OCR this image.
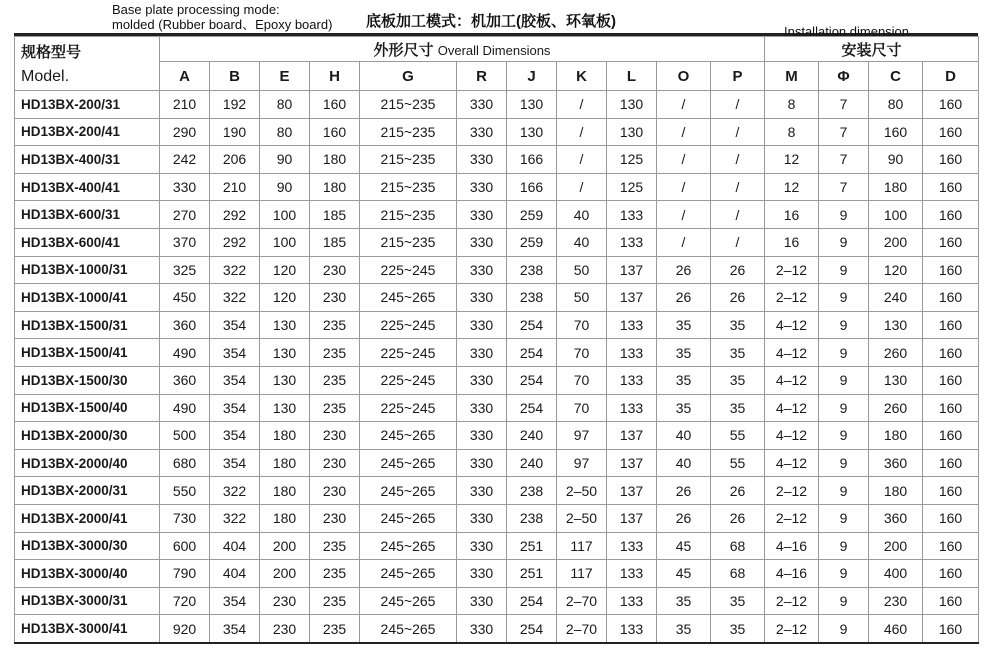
Base plate processing mode:
molded (Rubber board、Epoxy board) 底板加工模式：机加工(胶板、环氧板)
Installation dimension
规格型号
Model.	外形尺寸 Overall Dimensions											安装尺寸			
	A	B	E	H	G	R	J	K	L	O	P	M	Φ	C	D
HD13BX-200/31	210	192	80	160	215~235	330	130	/	130	/	/	8	7	80	160
HD13BX-200/41	290	190	80	160	215~235	330	130	/	130	/	/	8	7	160	160
HD13BX-400/31	242	206	90	180	215~235	330	166	/	125	/	/	12	7	90	160
HD13BX-400/41	330	210	90	180	215~235	330	166	/	125	/	/	12	7	180	160
HD13BX-600/31	270	292	100	185	215~235	330	259	40	133	/	/	16	9	100	160
HD13BX-600/41	370	292	100	185	215~235	330	259	40	133	/	/	16	9	200	160
HD13BX-1000/31	325	322	120	230	225~245	330	238	50	137	26	26	2–12	9	120	160
HD13BX-1000/41	450	322	120	230	245~265	330	238	50	137	26	26	2–12	9	240	160
HD13BX-1500/31	360	354	130	235	225~245	330	254	70	133	35	35	4–12	9	130	160
HD13BX-1500/41	490	354	130	235	225~245	330	254	70	133	35	35	4–12	9	260	160
HD13BX-1500/30	360	354	130	235	225~245	330	254	70	133	35	35	4–12	9	130	160
HD13BX-1500/40	490	354	130	235	225~245	330	254	70	133	35	35	4–12	9	260	160
HD13BX-2000/30	500	354	180	230	245~265	330	240	97	137	40	55	4–12	9	180	160
HD13BX-2000/40	680	354	180	230	245~265	330	240	97	137	40	55	4–12	9	360	160
HD13BX-2000/31	550	322	180	230	245~265	330	238	2–50	137	26	26	2–12	9	180	160
HD13BX-2000/41	730	322	180	230	245~265	330	238	2–50	137	26	26	2–12	9	360	160
HD13BX-3000/30	600	404	200	235	245~265	330	251	117	133	45	68	4–16	9	200	160
HD13BX-3000/40	790	404	200	235	245~265	330	251	117	133	45	68	4–16	9	400	160
HD13BX-3000/31	720	354	230	235	245~265	330	254	2–70	133	35	35	2–12	9	230	160
HD13BX-3000/41	920	354	230	235	245~265	330	254	2–70	133	35	35	2–12	9	460	160
